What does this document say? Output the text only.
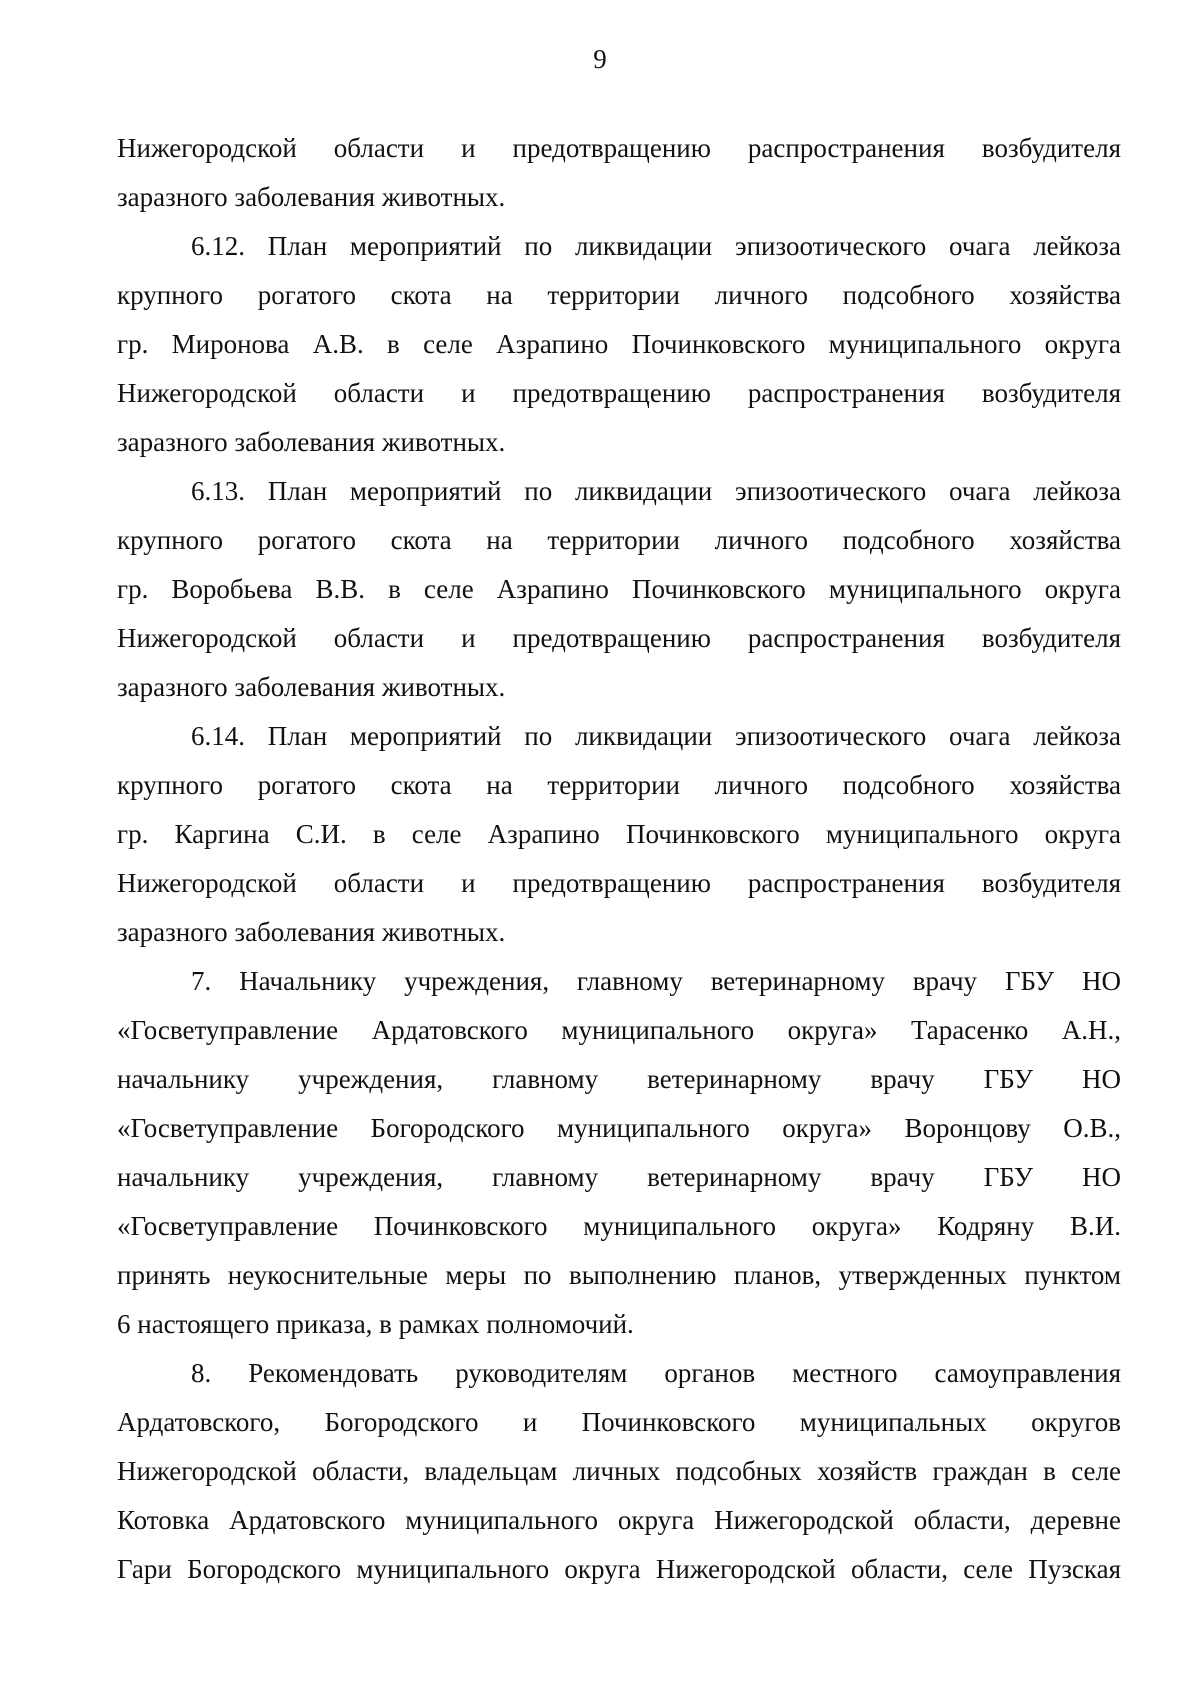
9
Нижегородской области и предотвращению распространения возбудителя
заразного заболевания животных.
6.12. План мероприятий по ликвидации эпизоотического очага лейкоза
крупного рогатого скота на территории личного подсобного хозяйства
гр. Миронова А.В. в селе Азрапино Починковского муниципального округа
Нижегородской области и предотвращению распространения возбудителя
заразного заболевания животных.
6.13. План мероприятий по ликвидации эпизоотического очага лейкоза
крупного рогатого скота на территории личного подсобного хозяйства
гр. Воробьева В.В. в селе Азрапино Починковского муниципального округа
Нижегородской области и предотвращению распространения возбудителя
заразного заболевания животных.
6.14. План мероприятий по ликвидации эпизоотического очага лейкоза
крупного рогатого скота на территории личного подсобного хозяйства
гр. Каргина С.И. в селе Азрапино Починковского муниципального округа
Нижегородской области и предотвращению распространения возбудителя
заразного заболевания животных.
7. Начальнику учреждения, главному ветеринарному врачу ГБУ НО
«Госветуправление Ардатовского муниципального округа» Тарасенко А.Н.,
начальнику учреждения, главному ветеринарному врачу ГБУ НО
«Госветуправление Богородского муниципального округа» Воронцову О.В.,
начальнику учреждения, главному ветеринарному врачу ГБУ НО
«Госветуправление Починковского муниципального округа» Кодряну В.И.
принять неукоснительные меры по выполнению планов, утвержденных пунктом
6 настоящего приказа, в рамках полномочий.
8. Рекомендовать руководителям органов местного самоуправления
Ардатовского, Богородского и Починковского муниципальных округов
Нижегородской области, владельцам личных подсобных хозяйств граждан в селе
Котовка Ардатовского муниципального округа Нижегородской области, деревне
Гари Богородского муниципального округа Нижегородской области, селе Пузская
